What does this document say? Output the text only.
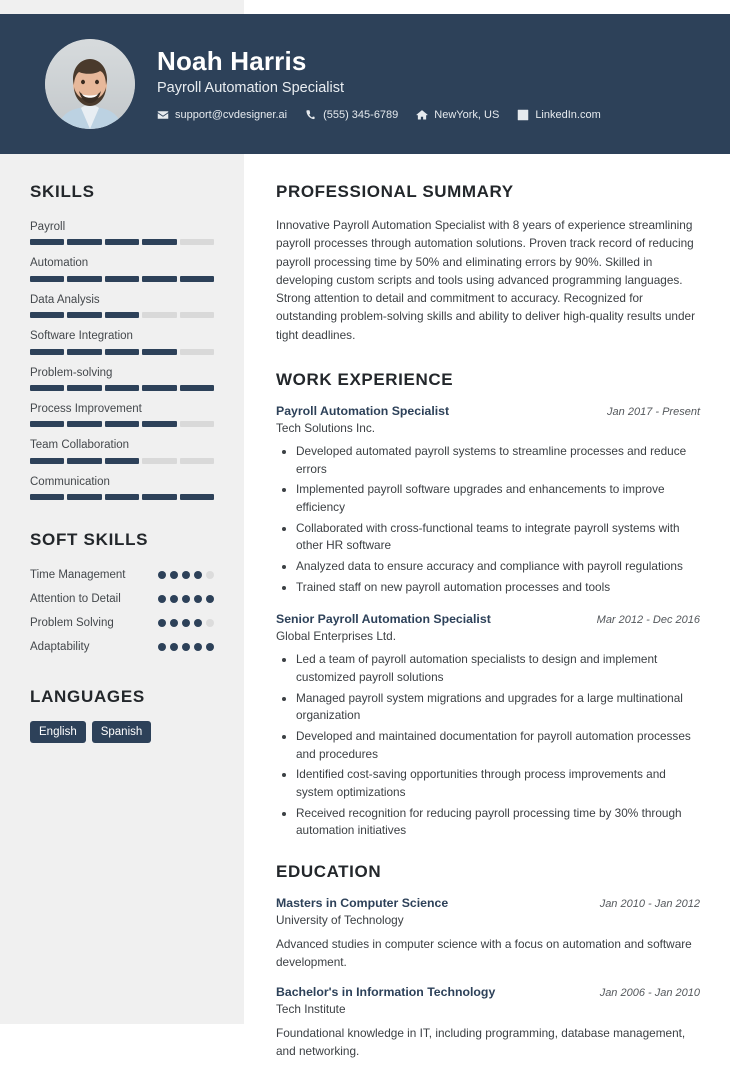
Noah Harris
Payroll Automation Specialist
support@cvdesigner.ai	(555) 345-6789	NewYork, US	LinkedIn.com
SKILLS
Payroll
Automation
Data Analysis
Software Integration
Problem-solving
Process Improvement
Team Collaboration
Communication
SOFT SKILLS
Time Management
Attention to Detail
Problem Solving
Adaptability
LANGUAGES
English	Spanish
PROFESSIONAL SUMMARY
Innovative Payroll Automation Specialist with 8 years of experience streamlining payroll processes through automation solutions. Proven track record of reducing payroll processing time by 50% and eliminating errors by 90%. Skilled in developing custom scripts and tools using advanced programming languages. Strong attention to detail and commitment to accuracy. Recognized for outstanding problem-solving skills and ability to deliver high-quality results under tight deadlines.
WORK EXPERIENCE
Payroll Automation Specialist	Jan 2017 - Present
Tech Solutions Inc.
• Developed automated payroll systems to streamline processes and reduce errors
• Implemented payroll software upgrades and enhancements to improve efficiency
• Collaborated with cross-functional teams to integrate payroll systems with other HR software
• Analyzed data to ensure accuracy and compliance with payroll regulations
• Trained staff on new payroll automation processes and tools
Senior Payroll Automation Specialist	Mar 2012 - Dec 2016
Global Enterprises Ltd.
• Led a team of payroll automation specialists to design and implement customized payroll solutions
• Managed payroll system migrations and upgrades for a large multinational organization
• Developed and maintained documentation for payroll automation processes and procedures
• Identified cost-saving opportunities through process improvements and system optimizations
• Received recognition for reducing payroll processing time by 30% through automation initiatives
EDUCATION
Masters in Computer Science	Jan 2010 - Jan 2012
University of Technology
Advanced studies in computer science with a focus on automation and software development.
Bachelor's in Information Technology	Jan 2006 - Jan 2010
Tech Institute
Foundational knowledge in IT, including programming, database management, and networking.
